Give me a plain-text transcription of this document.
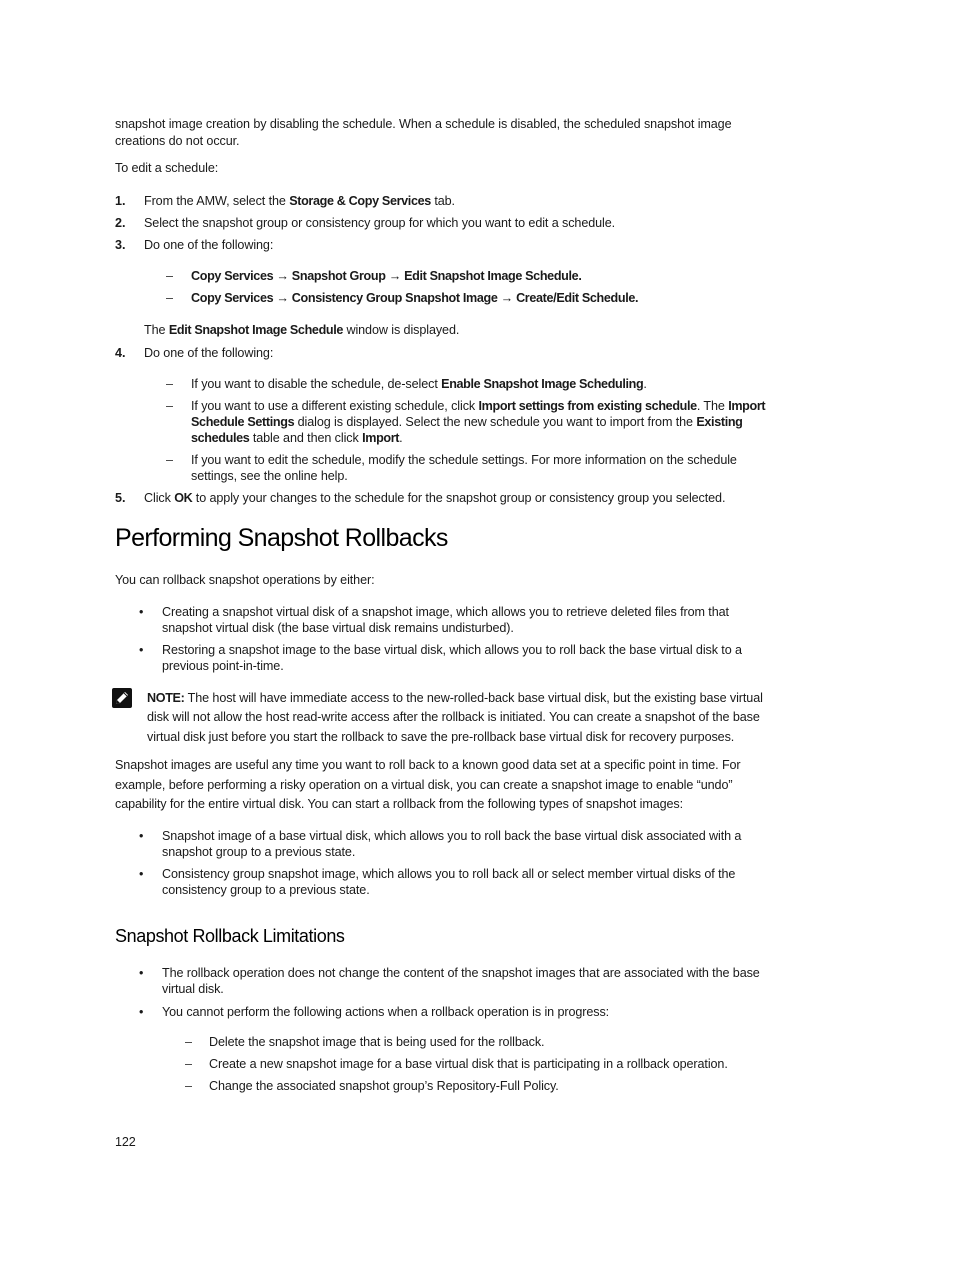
snapshot image creation by disabling the schedule. When a schedule is disabled, the scheduled snapshot image
creations do not occur.
To edit a schedule:
1. From the AMW, select the Storage & Copy Services tab.
2. Select the snapshot group or consistency group for which you want to edit a schedule.
3. Do one of the following:
– Copy Services → Snapshot Group → Edit Snapshot Image Schedule.
– Copy Services → Consistency Group Snapshot Image → Create/Edit Schedule.
The Edit Snapshot Image Schedule window is displayed.
4. Do one of the following:
– If you want to disable the schedule, de-select Enable Snapshot Image Scheduling.
– If you want to use a different existing schedule, click Import settings from existing schedule. The Import
Schedule Settings dialog is displayed. Select the new schedule you want to import from the Existing
schedules table and then click Import.
– If you want to edit the schedule, modify the schedule settings. For more information on the schedule
settings, see the online help.
5. Click OK to apply your changes to the schedule for the snapshot group or consistency group you selected.
Performing Snapshot Rollbacks
You can rollback snapshot operations by either:
• Creating a snapshot virtual disk of a snapshot image, which allows you to retrieve deleted files from that
snapshot virtual disk (the base virtual disk remains undisturbed).
• Restoring a snapshot image to the base virtual disk, which allows you to roll back the base virtual disk to a
previous point-in-time.
NOTE: The host will have immediate access to the new-rolled-back base virtual disk, but the existing base virtual
disk will not allow the host read-write access after the rollback is initiated. You can create a snapshot of the base
virtual disk just before you start the rollback to save the pre-rollback base virtual disk for recovery purposes.
Snapshot images are useful any time you want to roll back to a known good data set at a specific point in time. For
example, before performing a risky operation on a virtual disk, you can create a snapshot image to enable “undo”
capability for the entire virtual disk. You can start a rollback from the following types of snapshot images:
• Snapshot image of a base virtual disk, which allows you to roll back the base virtual disk associated with a
snapshot group to a previous state.
• Consistency group snapshot image, which allows you to roll back all or select member virtual disks of the
consistency group to a previous state.
Snapshot Rollback Limitations
• The rollback operation does not change the content of the snapshot images that are associated with the base
virtual disk.
• You cannot perform the following actions when a rollback operation is in progress:
– Delete the snapshot image that is being used for the rollback.
– Create a new snapshot image for a base virtual disk that is participating in a rollback operation.
– Change the associated snapshot group’s Repository-Full Policy.
122
